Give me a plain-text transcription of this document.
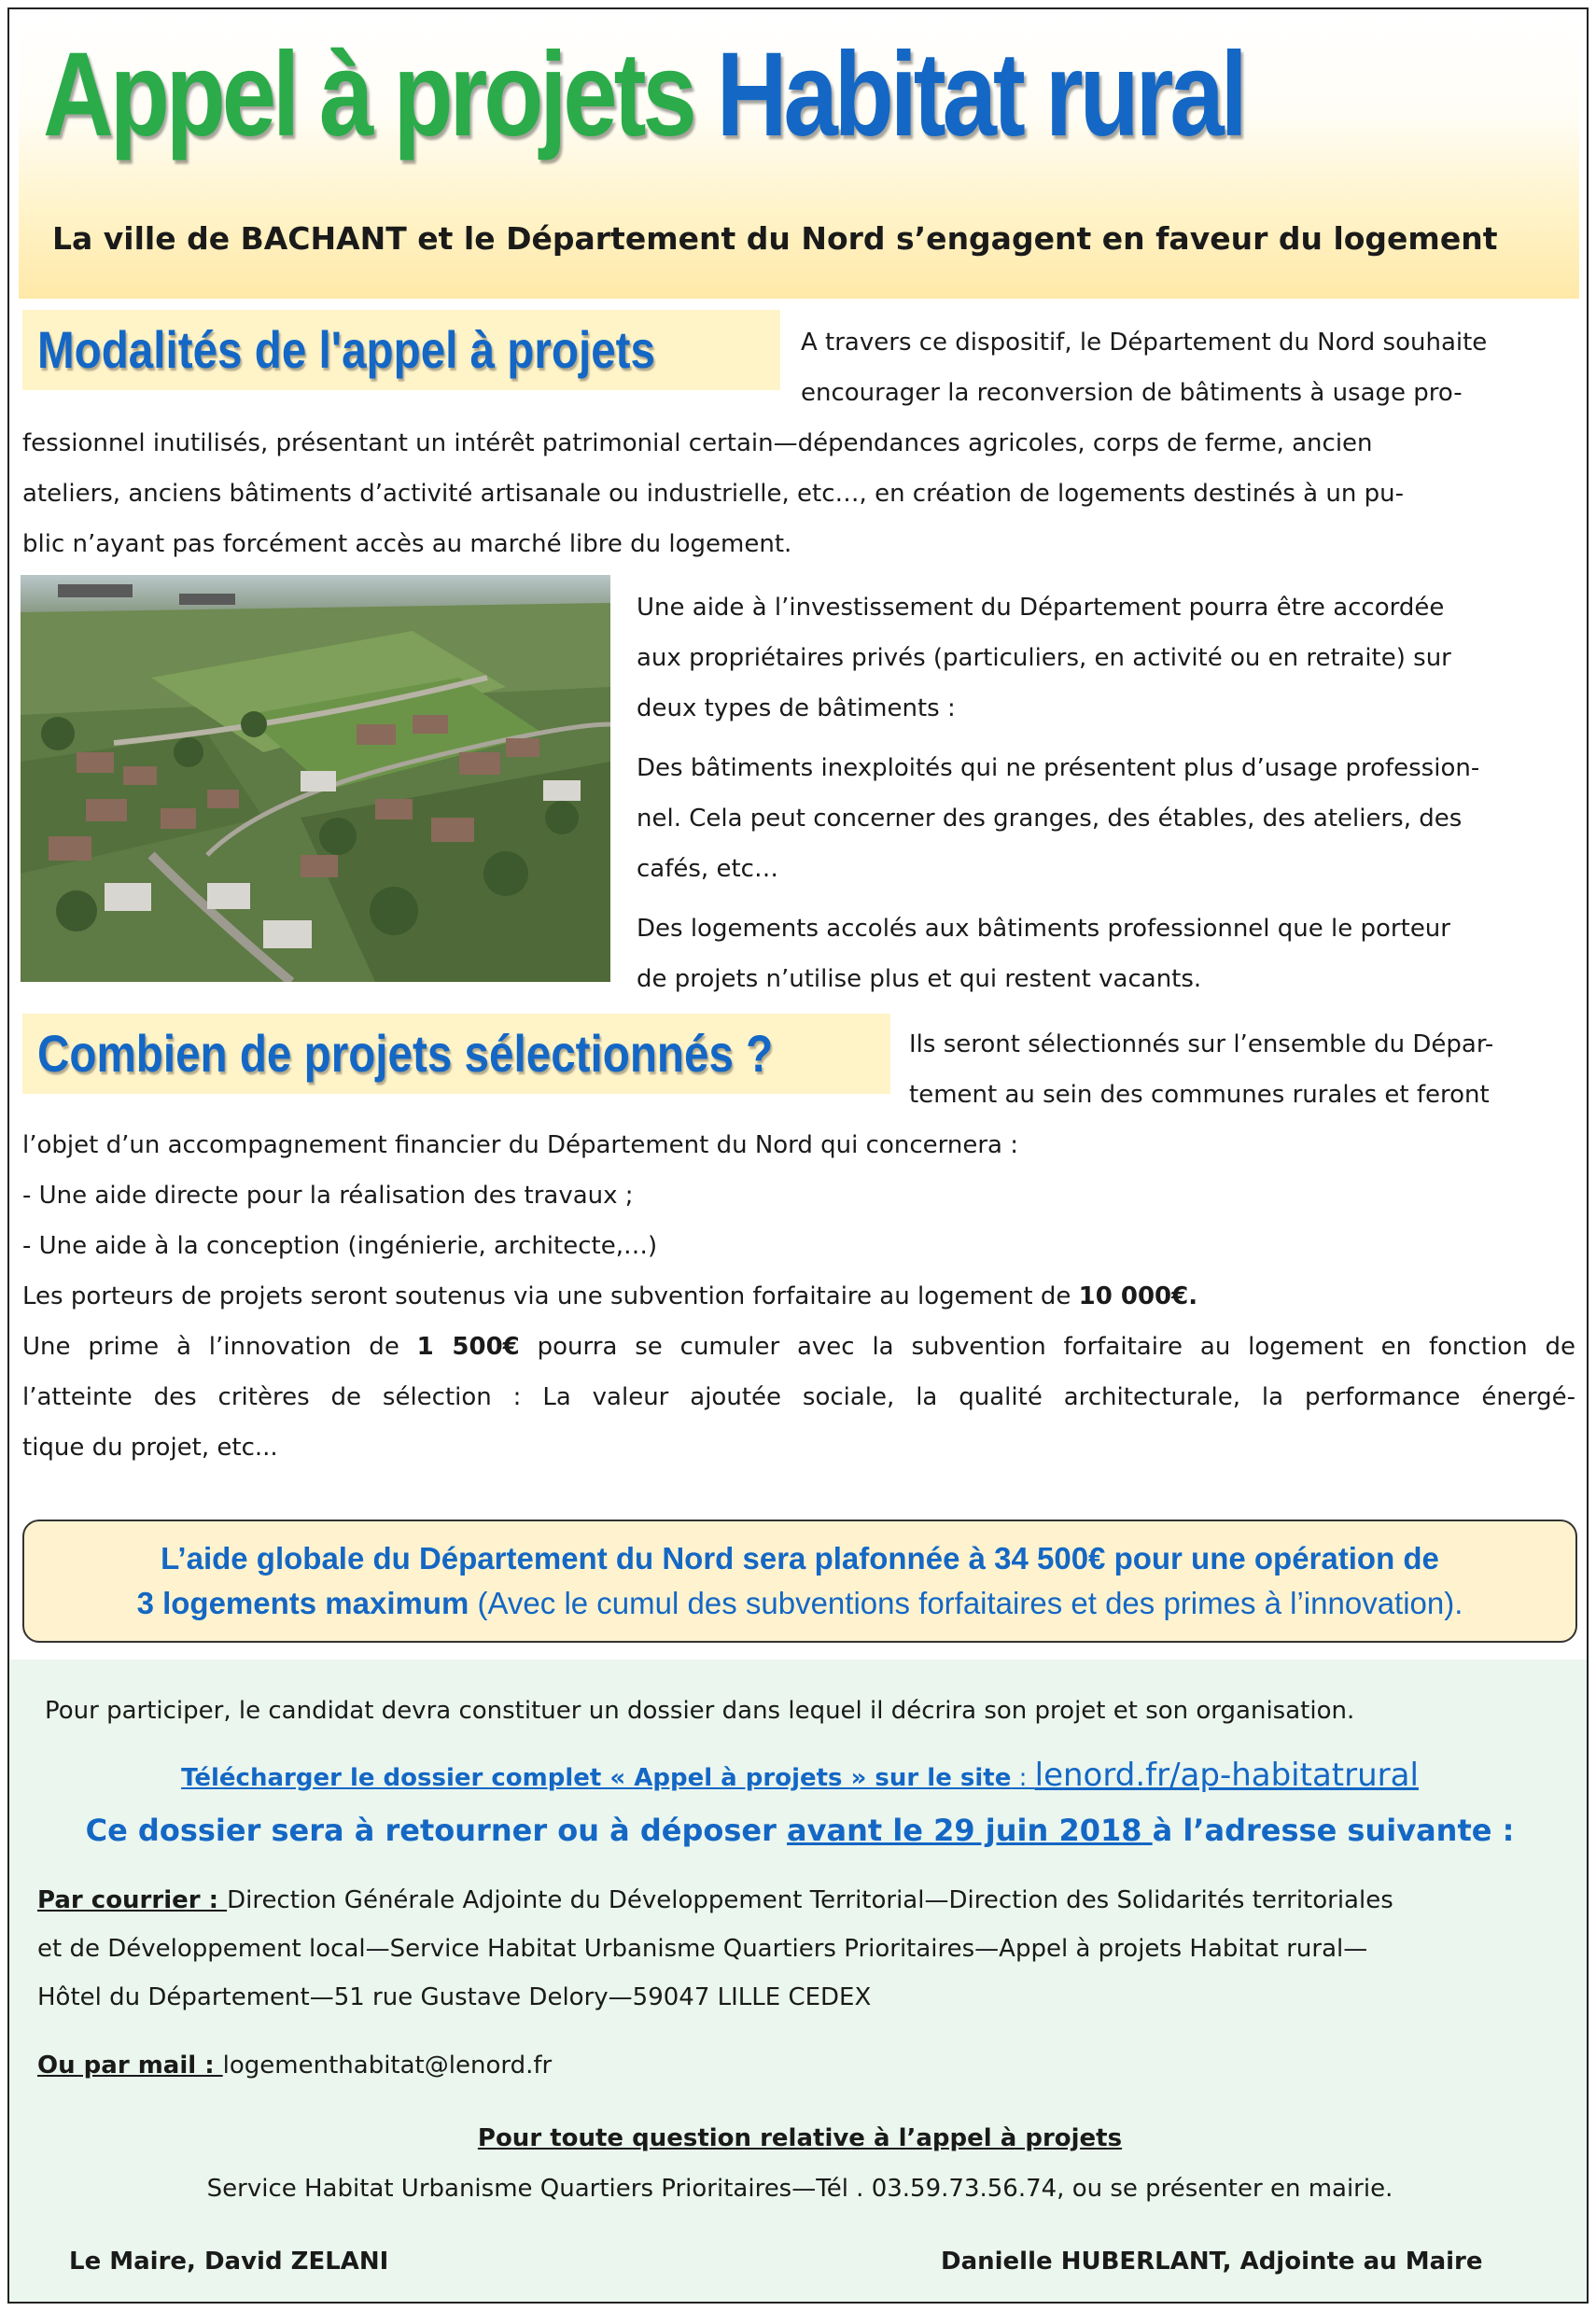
Appel à projets Habitat rural
La ville de BACHANT et le Département du Nord s’engagent en faveur du logement
Modalités de l'appel à projets	A travers ce dispositif, le Département du Nord souhaite
encourager la reconversion de bâtiments à usage pro-
fessionnel inutilisés, présentant un intérêt patrimonial certain—dépendances agricoles, corps de ferme, ancien
ateliers, anciens bâtiments d’activité artisanale ou industrielle, etc…, en création de logements destinés à un pu-
blic n’ayant pas forcément accès au marché libre du logement.
Une aide à l’investissement du Département pourra être accordée
aux propriétaires privés (particuliers, en activité ou en retraite) sur
deux types de bâtiments :
Des bâtiments inexploités qui ne présentent plus d’usage profession-
nel. Cela peut concerner des granges, des étables, des ateliers, des
cafés, etc…
Des logements accolés aux bâtiments professionnel que le porteur
de projets n’utilise plus et qui restent vacants.
Combien de projets sélectionnés ?	Ils seront sélectionnés sur l’ensemble du Dépar-
tement au sein des communes rurales et feront
l’objet d’un accompagnement financier du Département du Nord qui concernera :
- Une aide directe pour la réalisation des travaux ;
- Une aide à la conception (ingénierie, architecte,…)
Les porteurs de projets seront soutenus via une subvention forfaitaire au logement de 10 000€.
Une prime à l’innovation de 1 500€ pourra se cumuler avec la subvention forfaitaire au logement en fonction de
l’atteinte des critères de sélection : La valeur ajoutée sociale, la qualité architecturale, la performance énergé-
tique du projet, etc...
L’aide globale du Département du Nord sera plafonnée à 34 500€ pour une opération de
3 logements maximum (Avec le cumul des subventions forfaitaires et des primes à l’innovation).
Pour participer, le candidat devra constituer un dossier dans lequel il décrira son projet et son organisation.
Télécharger le dossier complet « Appel à projets » sur le site : lenord.fr/ap-habitatrural
Ce dossier sera à retourner ou à déposer avant le 29 juin 2018 à l’adresse suivante :
Par courrier : Direction Générale Adjointe du Développement Territorial—Direction des Solidarités territoriales
et de Développement local—Service Habitat Urbanisme Quartiers Prioritaires—Appel à projets Habitat rural—
Hôtel du Département—51 rue Gustave Delory—59047 LILLE CEDEX
Ou par mail : logementhabitat@lenord.fr
Pour toute question relative à l’appel à projets
Service Habitat Urbanisme Quartiers Prioritaires—Tél . 03.59.73.56.74, ou se présenter en mairie.
Le Maire, David ZELANI	Danielle HUBERLANT, Adjointe au Maire
